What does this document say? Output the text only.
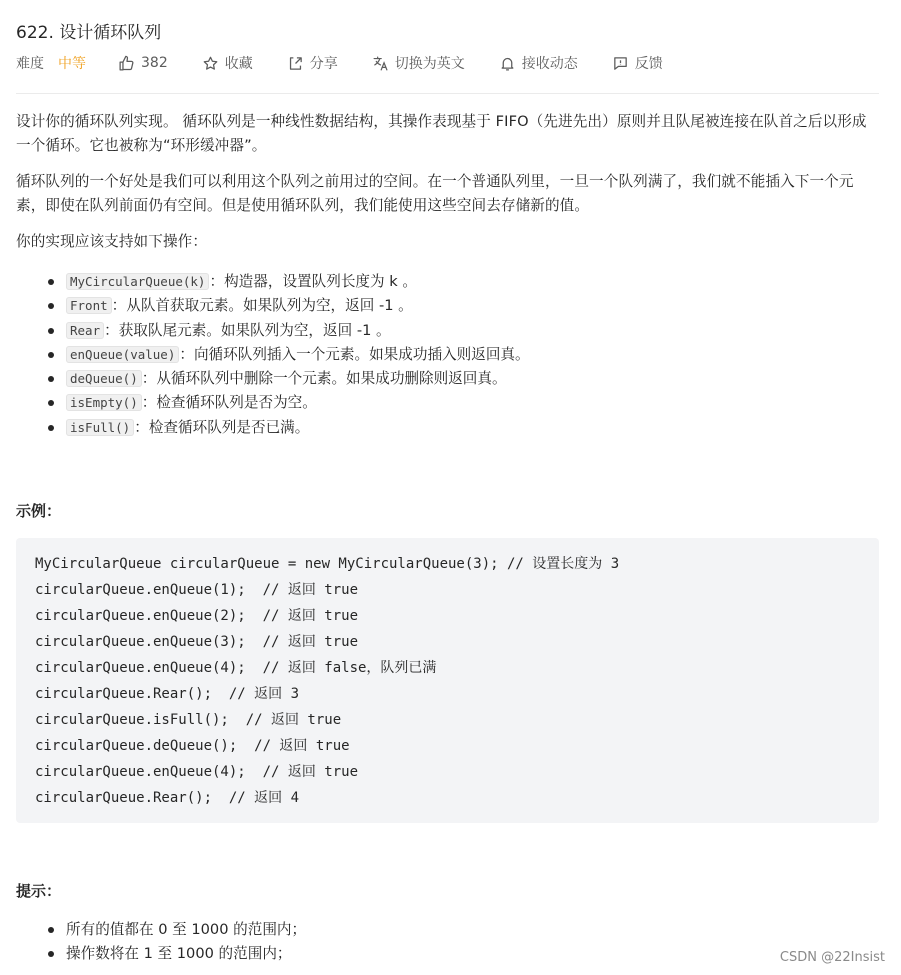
622. 设计循环队列
难度 中等	382	收藏	分享	切换为英文	接收动态	反馈

设计你的循环队列实现。 循环队列是一种线性数据结构，其操作表现基于 FIFO（先进先出）原则并且队尾被连接在队首之后以形成一个循环。它也被称为“环形缓冲器”。

循环队列的一个好处是我们可以利用这个队列之前用过的空间。在一个普通队列里，一旦一个队列满了，我们就不能插入下一个元素，即使在队列前面仍有空间。但是使用循环队列，我们能使用这些空间去存储新的值。

你的实现应该支持如下操作：

MyCircularQueue(k) ：构造器，设置队列长度为 k 。
Front ：从队首获取元素。如果队列为空，返回 -1 。
Rear ：获取队尾元素。如果队列为空，返回 -1 。
enQueue(value) ：向循环队列插入一个元素。如果成功插入则返回真。
deQueue() ：从循环队列中删除一个元素。如果成功删除则返回真。
isEmpty() ：检查循环队列是否为空。
isFull() ：检查循环队列是否已满。
示例：
MyCircularQueue circularQueue = new MyCircularQueue(3); // 设置长度为 3
circularQueue.enQueue(1);  // 返回 true
circularQueue.enQueue(2);  // 返回 true
circularQueue.enQueue(3);  // 返回 true
circularQueue.enQueue(4);  // 返回 false，队列已满
circularQueue.Rear();  // 返回 3
circularQueue.isFull();  // 返回 true
circularQueue.deQueue();  // 返回 true
circularQueue.enQueue(4);  // 返回 true
circularQueue.Rear();  // 返回 4
提示：
所有的值都在 0 至 1000 的范围内；
操作数将在 1 至 1000 的范围内；	CSDN @22Insist
